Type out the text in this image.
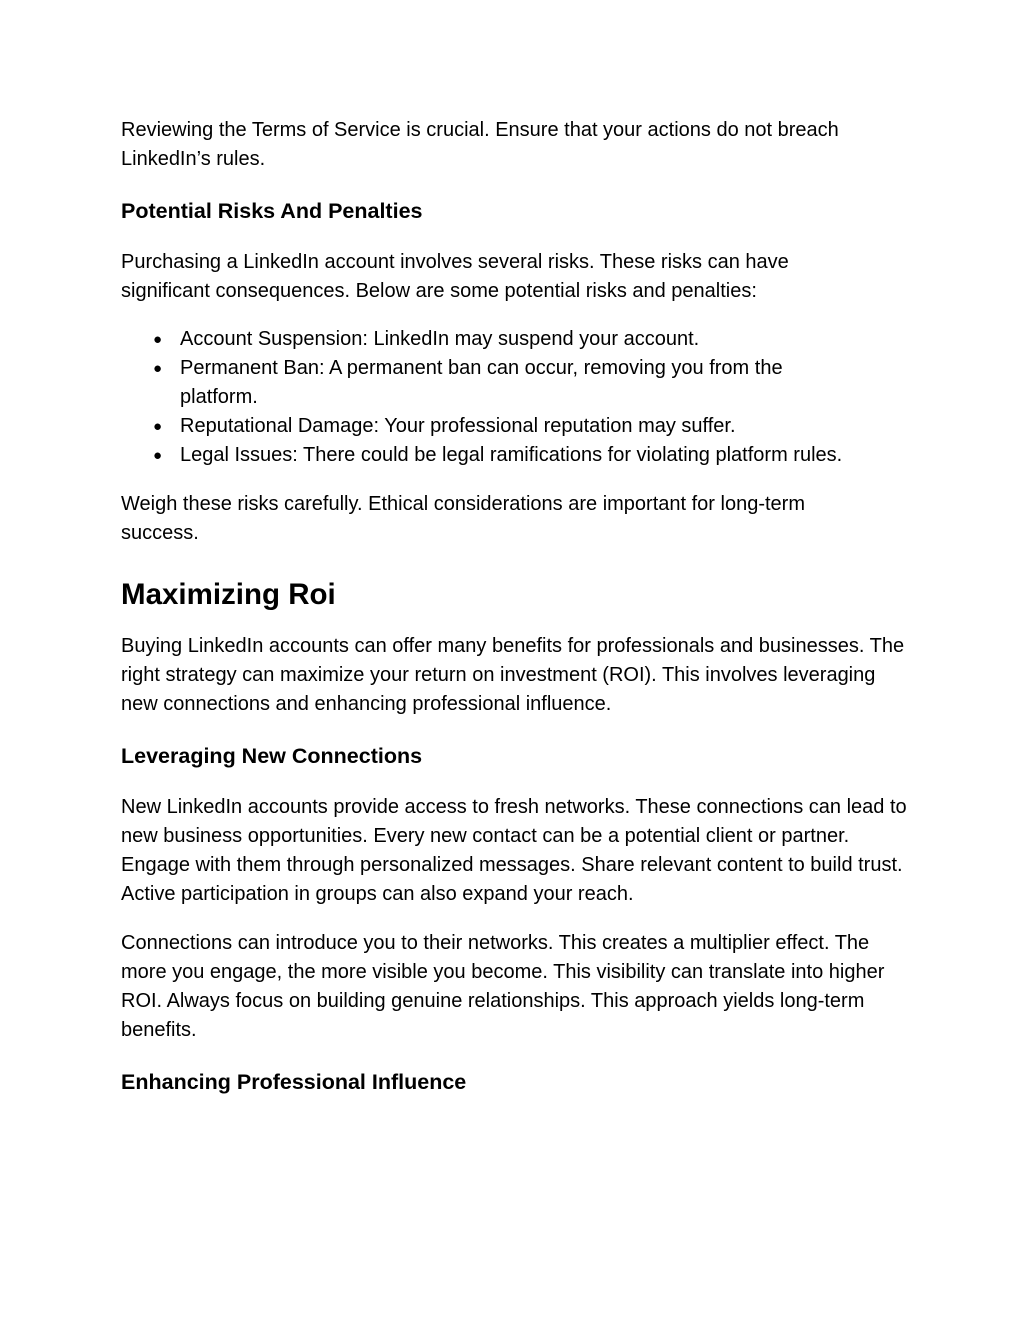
Reviewing the Terms of Service is crucial. Ensure that your actions do not breach LinkedIn’s rules.

Potential Risks And Penalties

Purchasing a LinkedIn account involves several risks. These risks can have significant consequences. Below are some potential risks and penalties:

● Account Suspension: LinkedIn may suspend your account.
● Permanent Ban: A permanent ban can occur, removing you from the platform.
● Reputational Damage: Your professional reputation may suffer.
● Legal Issues: There could be legal ramifications for violating platform rules.

Weigh these risks carefully. Ethical considerations are important for long-term success.

Maximizing Roi

Buying LinkedIn accounts can offer many benefits for professionals and businesses. The right strategy can maximize your return on investment (ROI). This involves leveraging new connections and enhancing professional influence.

Leveraging New Connections

New LinkedIn accounts provide access to fresh networks. These connections can lead to new business opportunities. Every new contact can be a potential client or partner. Engage with them through personalized messages. Share relevant content to build trust. Active participation in groups can also expand your reach.

Connections can introduce you to their networks. This creates a multiplier effect. The more you engage, the more visible you become. This visibility can translate into higher ROI. Always focus on building genuine relationships. This approach yields long-term benefits.

Enhancing Professional Influence
